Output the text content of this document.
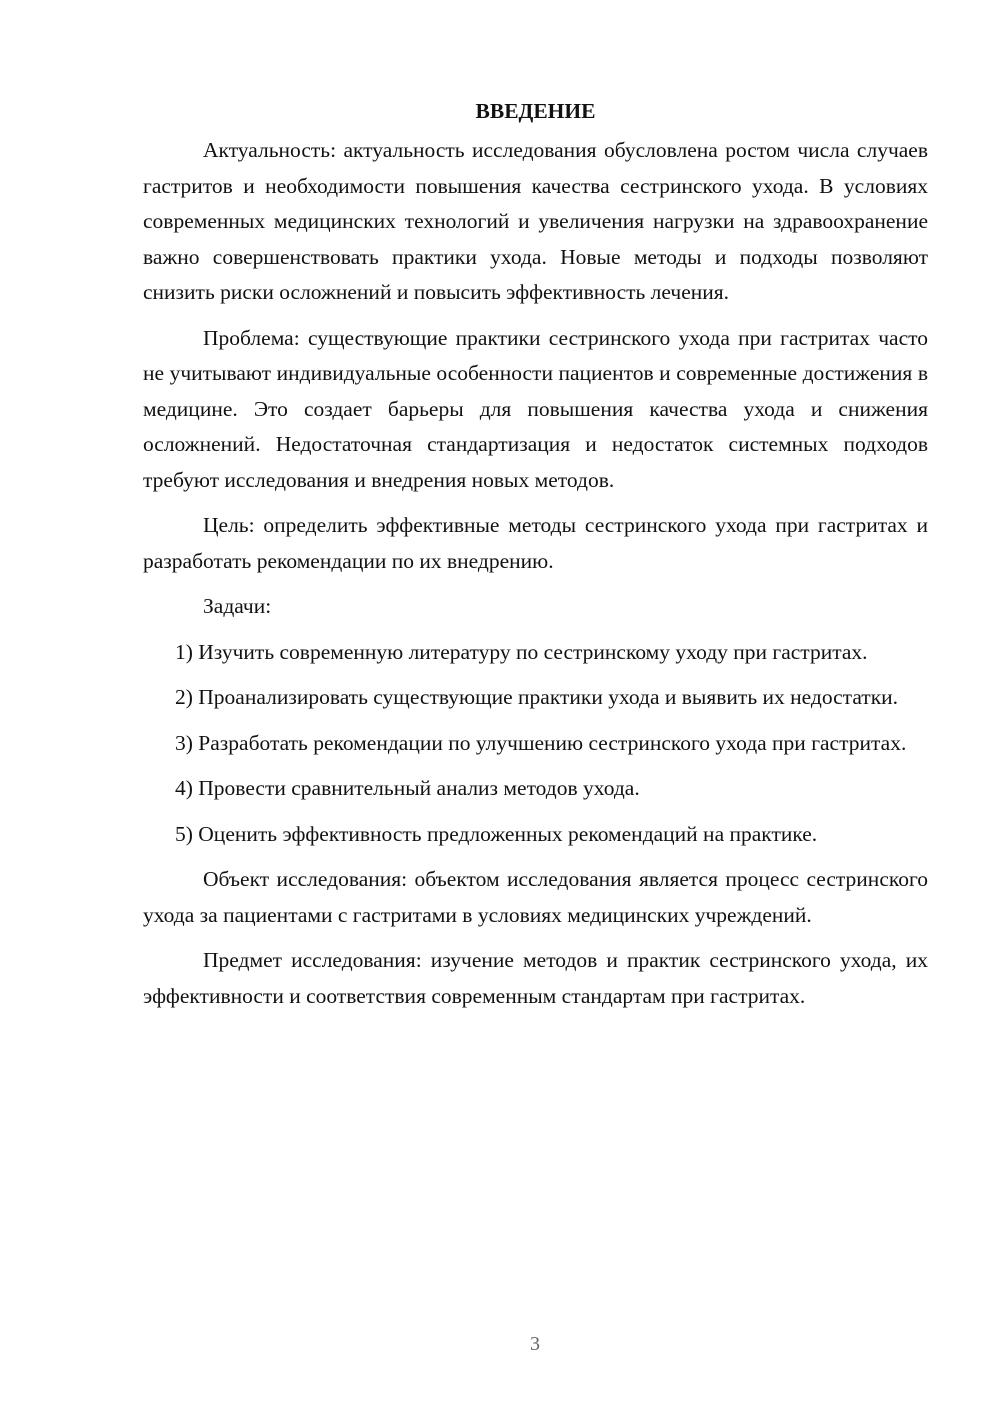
ВВЕДЕНИЕ

Актуальность: актуальность исследования обусловлена ростом числа случаев гастритов и необходимости повышения качества сестринского ухода. В условиях современных медицинских технологий и увеличения нагрузки на здравоохранение важно совершенствовать практики ухода. Новые методы и подходы позволяют снизить риски осложнений и повысить эффективность лечения.

Проблема: существующие практики сестринского ухода при гастритах часто не учитывают индивидуальные особенности пациентов и современные достижения в медицине. Это создает барьеры для повышения качества ухода и снижения осложнений. Недостаточная стандартизация и недостаток системных подходов требуют исследования и внедрения новых методов.

Цель: определить эффективные методы сестринского ухода при гастритах и разработать рекомендации по их внедрению.

Задачи:

1) Изучить современную литературу по сестринскому уходу при гастритах.

2) Проанализировать существующие практики ухода и выявить их недостатки.

3) Разработать рекомендации по улучшению сестринского ухода при гастритах.

4) Провести сравнительный анализ методов ухода.

5) Оценить эффективность предложенных рекомендаций на практике.

Объект исследования: объектом исследования является процесс сестринского ухода за пациентами с гастритами в условиях медицинских учреждений.

Предмет исследования: изучение методов и практик сестринского ухода, их эффективности и соответствия современным стандартам при гастритах.

3
